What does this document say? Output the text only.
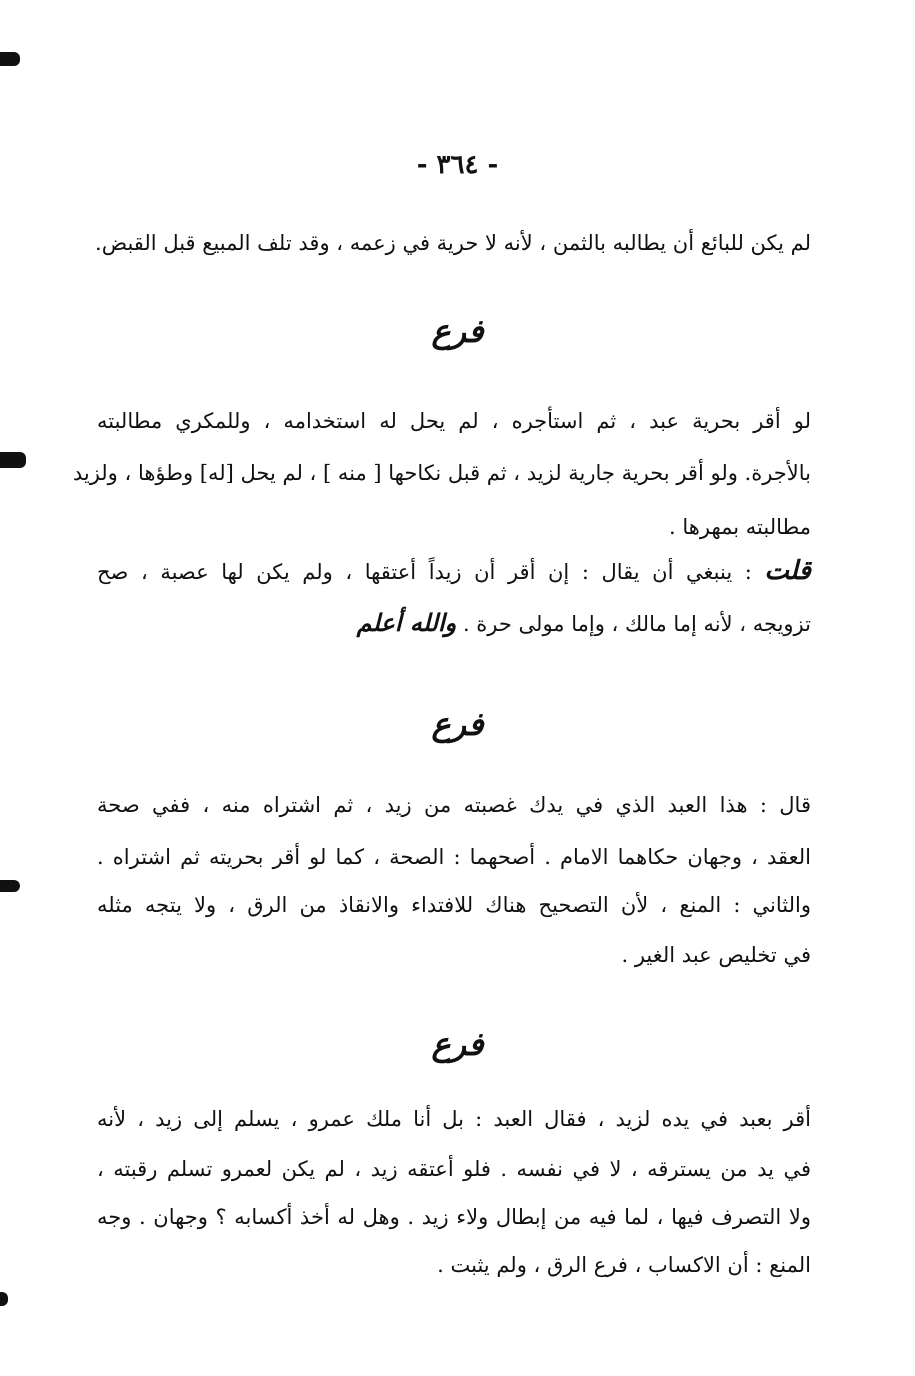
- ٣٦٤ -
لم يكن للبائع أن يطالبه بالثمن ، لأنه لا حرية في زعمه ، وقد تلف المبيع قبل القبض.
فرع
لو أقر بحرية عبد ، ثم استأجره ، لم يحل له استخدامه ، وللمكري مطالبته
بالأجرة. ولو أقر بحرية جارية لزيد ، ثم قبل نكاحها [ منه ] ، لم يحل [له] وطؤها ، ولزيد
مطالبته بمهرها .
قلت : ينبغي أن يقال : إن أقر أن زيداً أعتقها ، ولم يكن لها عصبة ، صح
تزويجه ، لأنه إما مالك ، وإما مولى حرة . والله أعلم
فرع
قال : هذا العبد الذي في يدك غصبته من زيد ، ثم اشتراه منه ، ففي صحة
العقد ، وجهان حكاهما الامام . أصحهما : الصحة ، كما لو أقر بحريته ثم اشتراه .
والثاني : المنع ، لأن التصحيح هناك للافتداء والانقاذ من الرق ، ولا يتجه مثله
في تخليص عبد الغير .
فرع
أقر بعبد في يده لزيد ، فقال العبد : بل أنا ملك عمرو ، يسلم إلى زيد ، لأنه
في يد من يسترقه ، لا في نفسه . فلو أعتقه زيد ، لم يكن لعمرو تسلم رقبته ،
ولا التصرف فيها ، لما فيه من إبطال ولاء زيد . وهل له أخذ أكسابه ؟ وجهان . وجه
المنع : أن الاكساب ، فرع الرق ، ولم يثبت .
